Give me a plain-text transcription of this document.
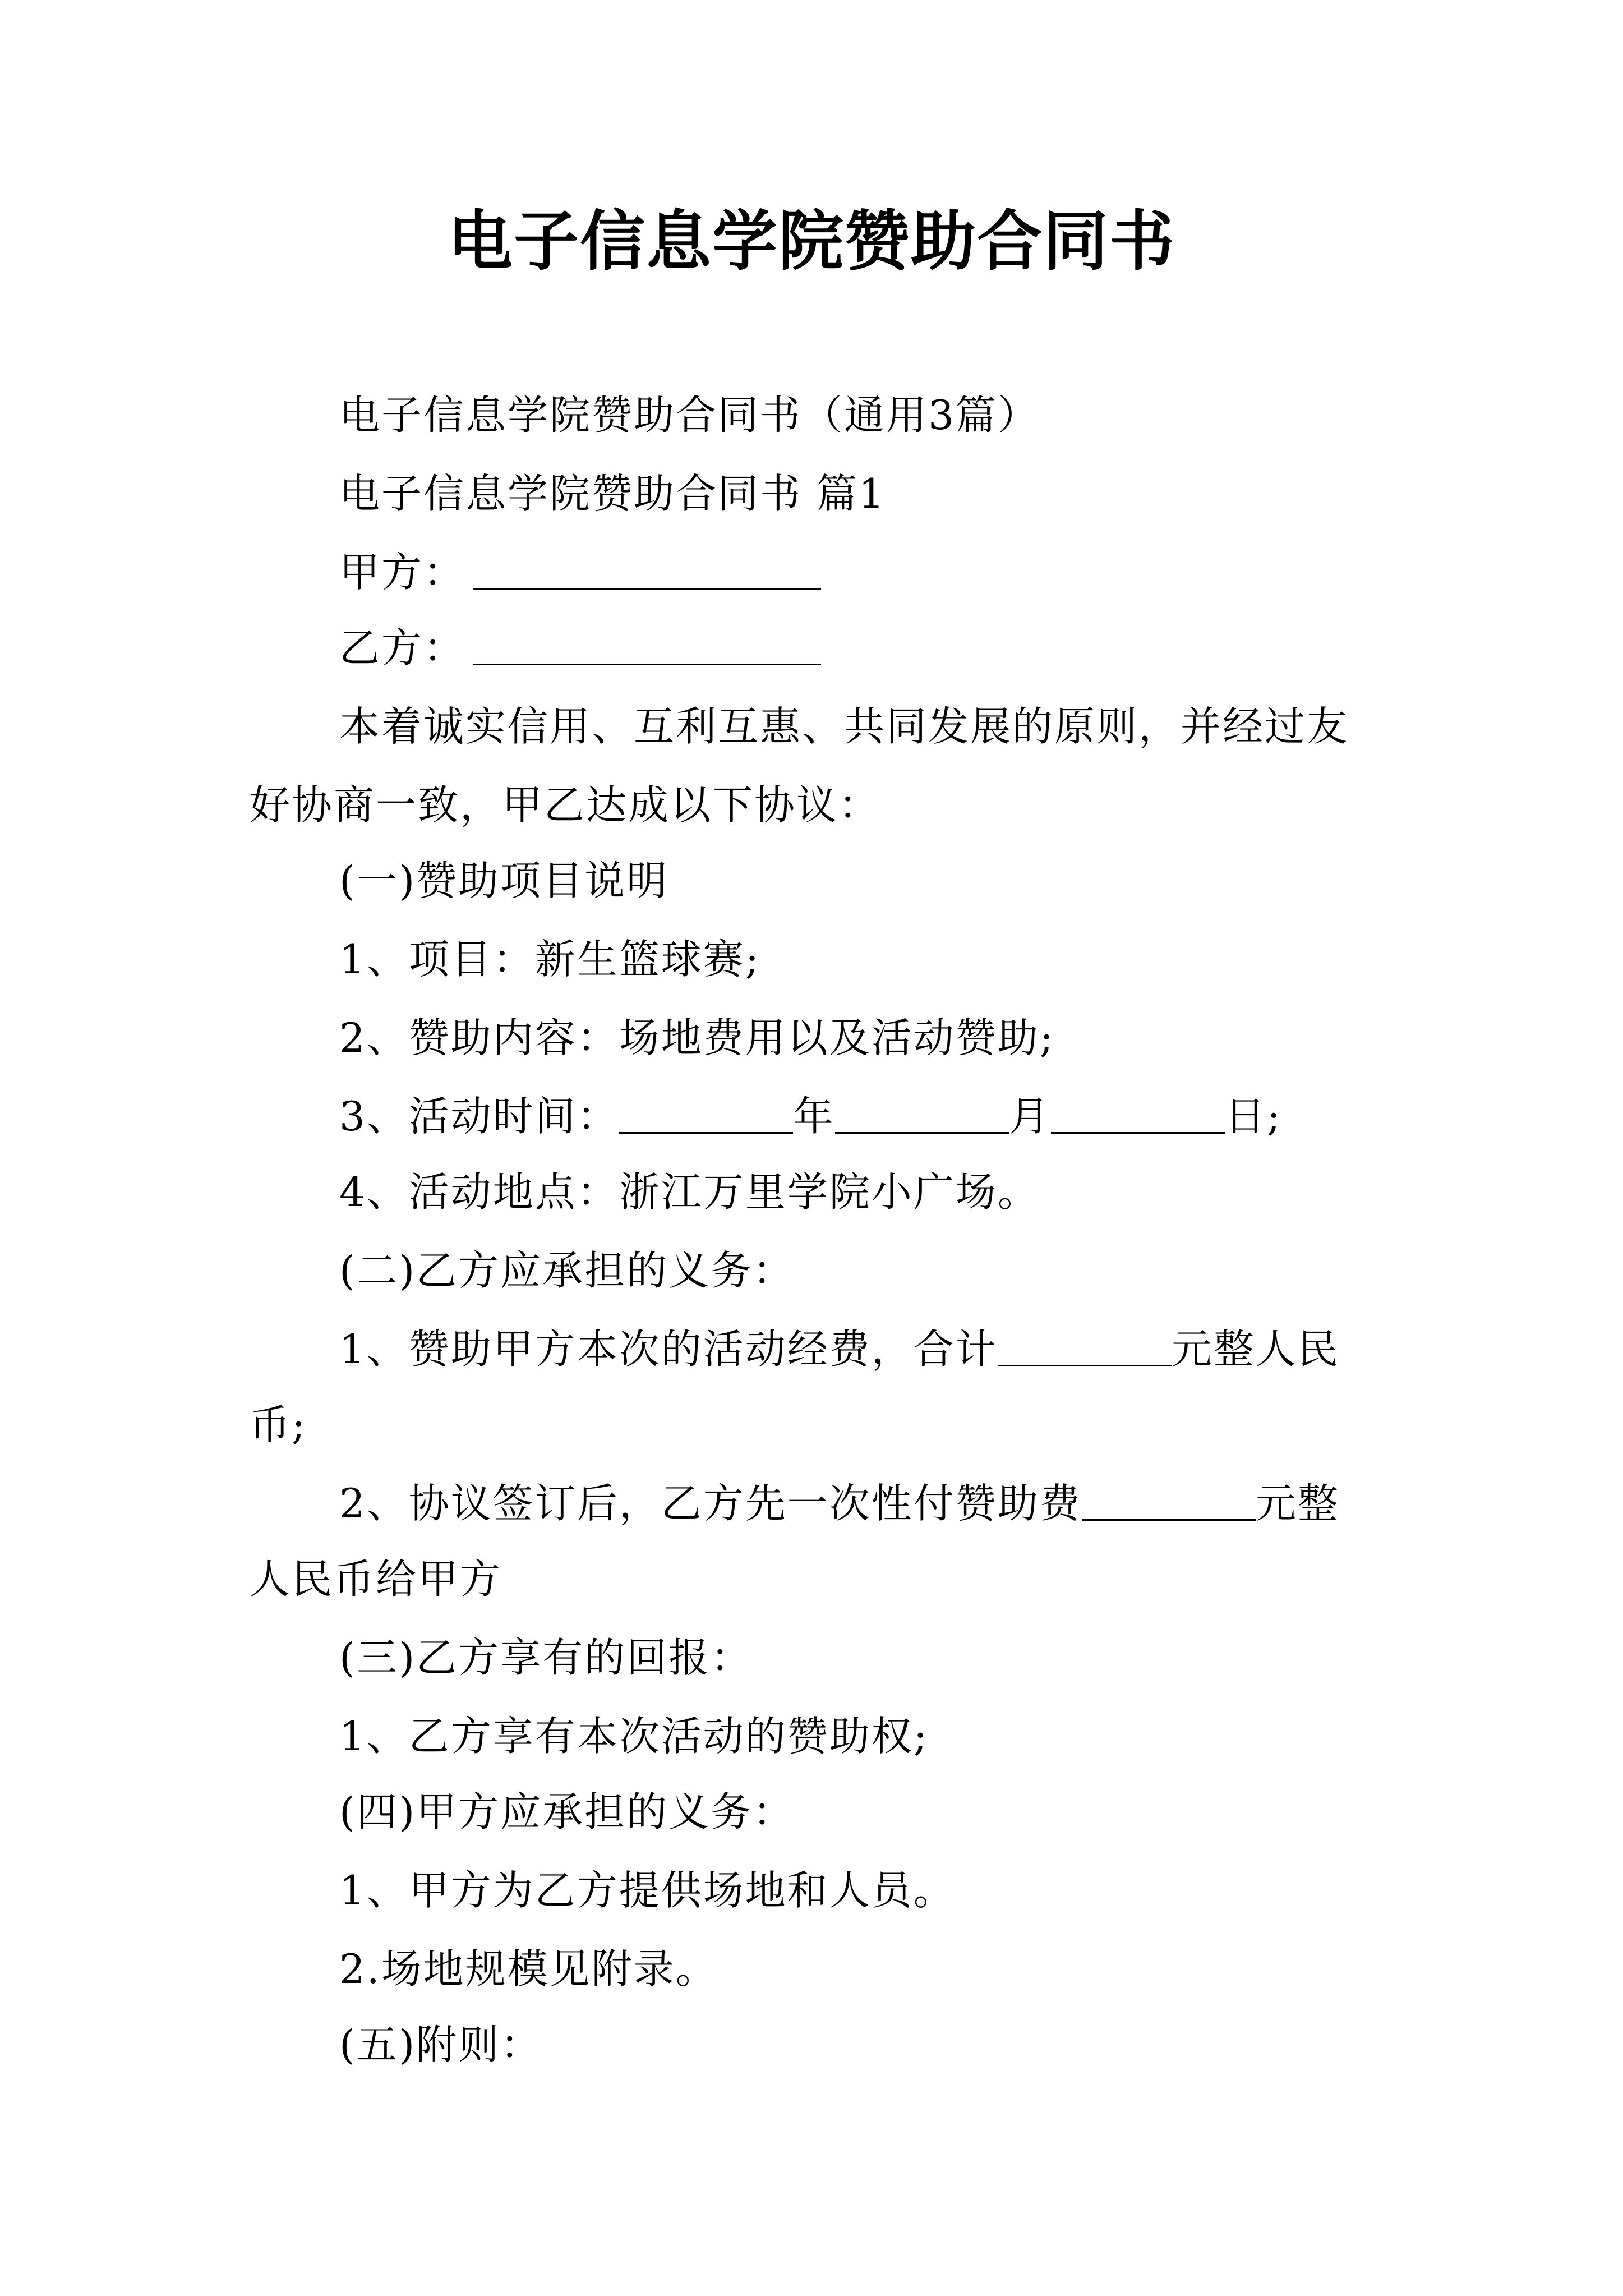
电子信息学院赞助合同书
电子信息学院赞助合同书（通用3篇）
电子信息学院赞助合同书 篇1
甲方：
乙方：
本着诚实信用、互利互惠、共同发展的原则，并经过友
好协商一致，甲乙达成以下协议：
(一)赞助项目说明
1、项目：新生篮球赛;
2、赞助内容：场地费用以及活动赞助;
3、活动时间：	年	月	日;
4、活动地点：浙江万里学院小广场。
(二)乙方应承担的义务：
1、赞助甲方本次的活动经费，合计	元整人民
币;
2、协议签订后，乙方先一次性付赞助费	元整
人民币给甲方
(三)乙方享有的回报：
1、乙方享有本次活动的赞助权;
(四)甲方应承担的义务：
1、甲方为乙方提供场地和人员。
2.场地规模见附录。
(五)附则：
